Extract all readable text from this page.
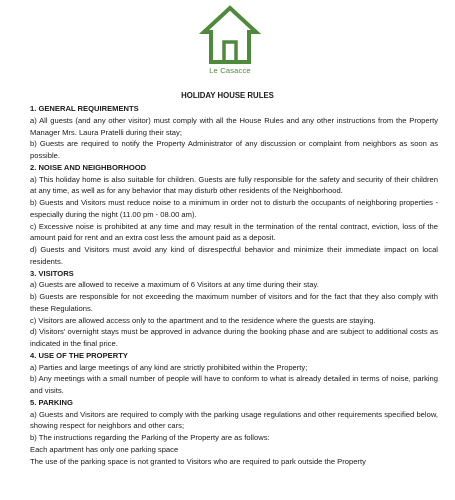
Le Casacce
HOLIDAY HOUSE RULES

1. GENERAL REQUIREMENTS

a) All guests (and any other visitor) must comply with all the House Rules and any other instructions from the Property Manager Mrs. Laura Pratelli during their stay;

b) Guests are required to notify the Property Administrator of any discussion or complaint from neighbors as soon as possible.

2. NOISE AND NEIGHBORHOOD

a) This holiday home is also suitable for children. Guests are fully responsible for the safety and security of their children at any time, as well as for any behavior that may disturb other residents of the Neighborhood.

b) Guests and Visitors must reduce noise to a minimum in order not to disturb the occupants of neighboring properties - especially during the night (11.00 pm - 08.00 am).

c) Excessive noise is prohibited at any time and may result in the termination of the rental contract, eviction, loss of the amount paid for rent and an extra cost less the amount paid as a deposit.

d) Guests and Visitors must avoid any kind of disrespectful behavior and minimize their immediate impact on local residents.

3. VISITORS

a) Guests are allowed to receive a maximum of 6 Visitors at any time during their stay.

b) Guests are responsible for not exceeding the maximum number of visitors and for the fact that they also comply with these Regulations.

c) Visitors are allowed access only to the apartment and to the residence where the guests are staying.

d) Visitors' overnight stays must be approved in advance during the booking phase and are subject to additional costs as indicated in the final price.

4. USE OF THE PROPERTY

a) Parties and large meetings of any kind are strictly prohibited within the Property;

b) Any meetings with a small number of people will have to conform to what is already detailed in terms of noise, parking and visits.

5. PARKING

a) Guests and Visitors are required to comply with the parking usage regulations and other requirements specified below, showing respect for neighbors and other cars;

b) The instructions regarding the Parking of the Property are as follows:

Each apartment has only one parking space

The use of the parking space is not granted to Visitors who are required to park outside the Property
